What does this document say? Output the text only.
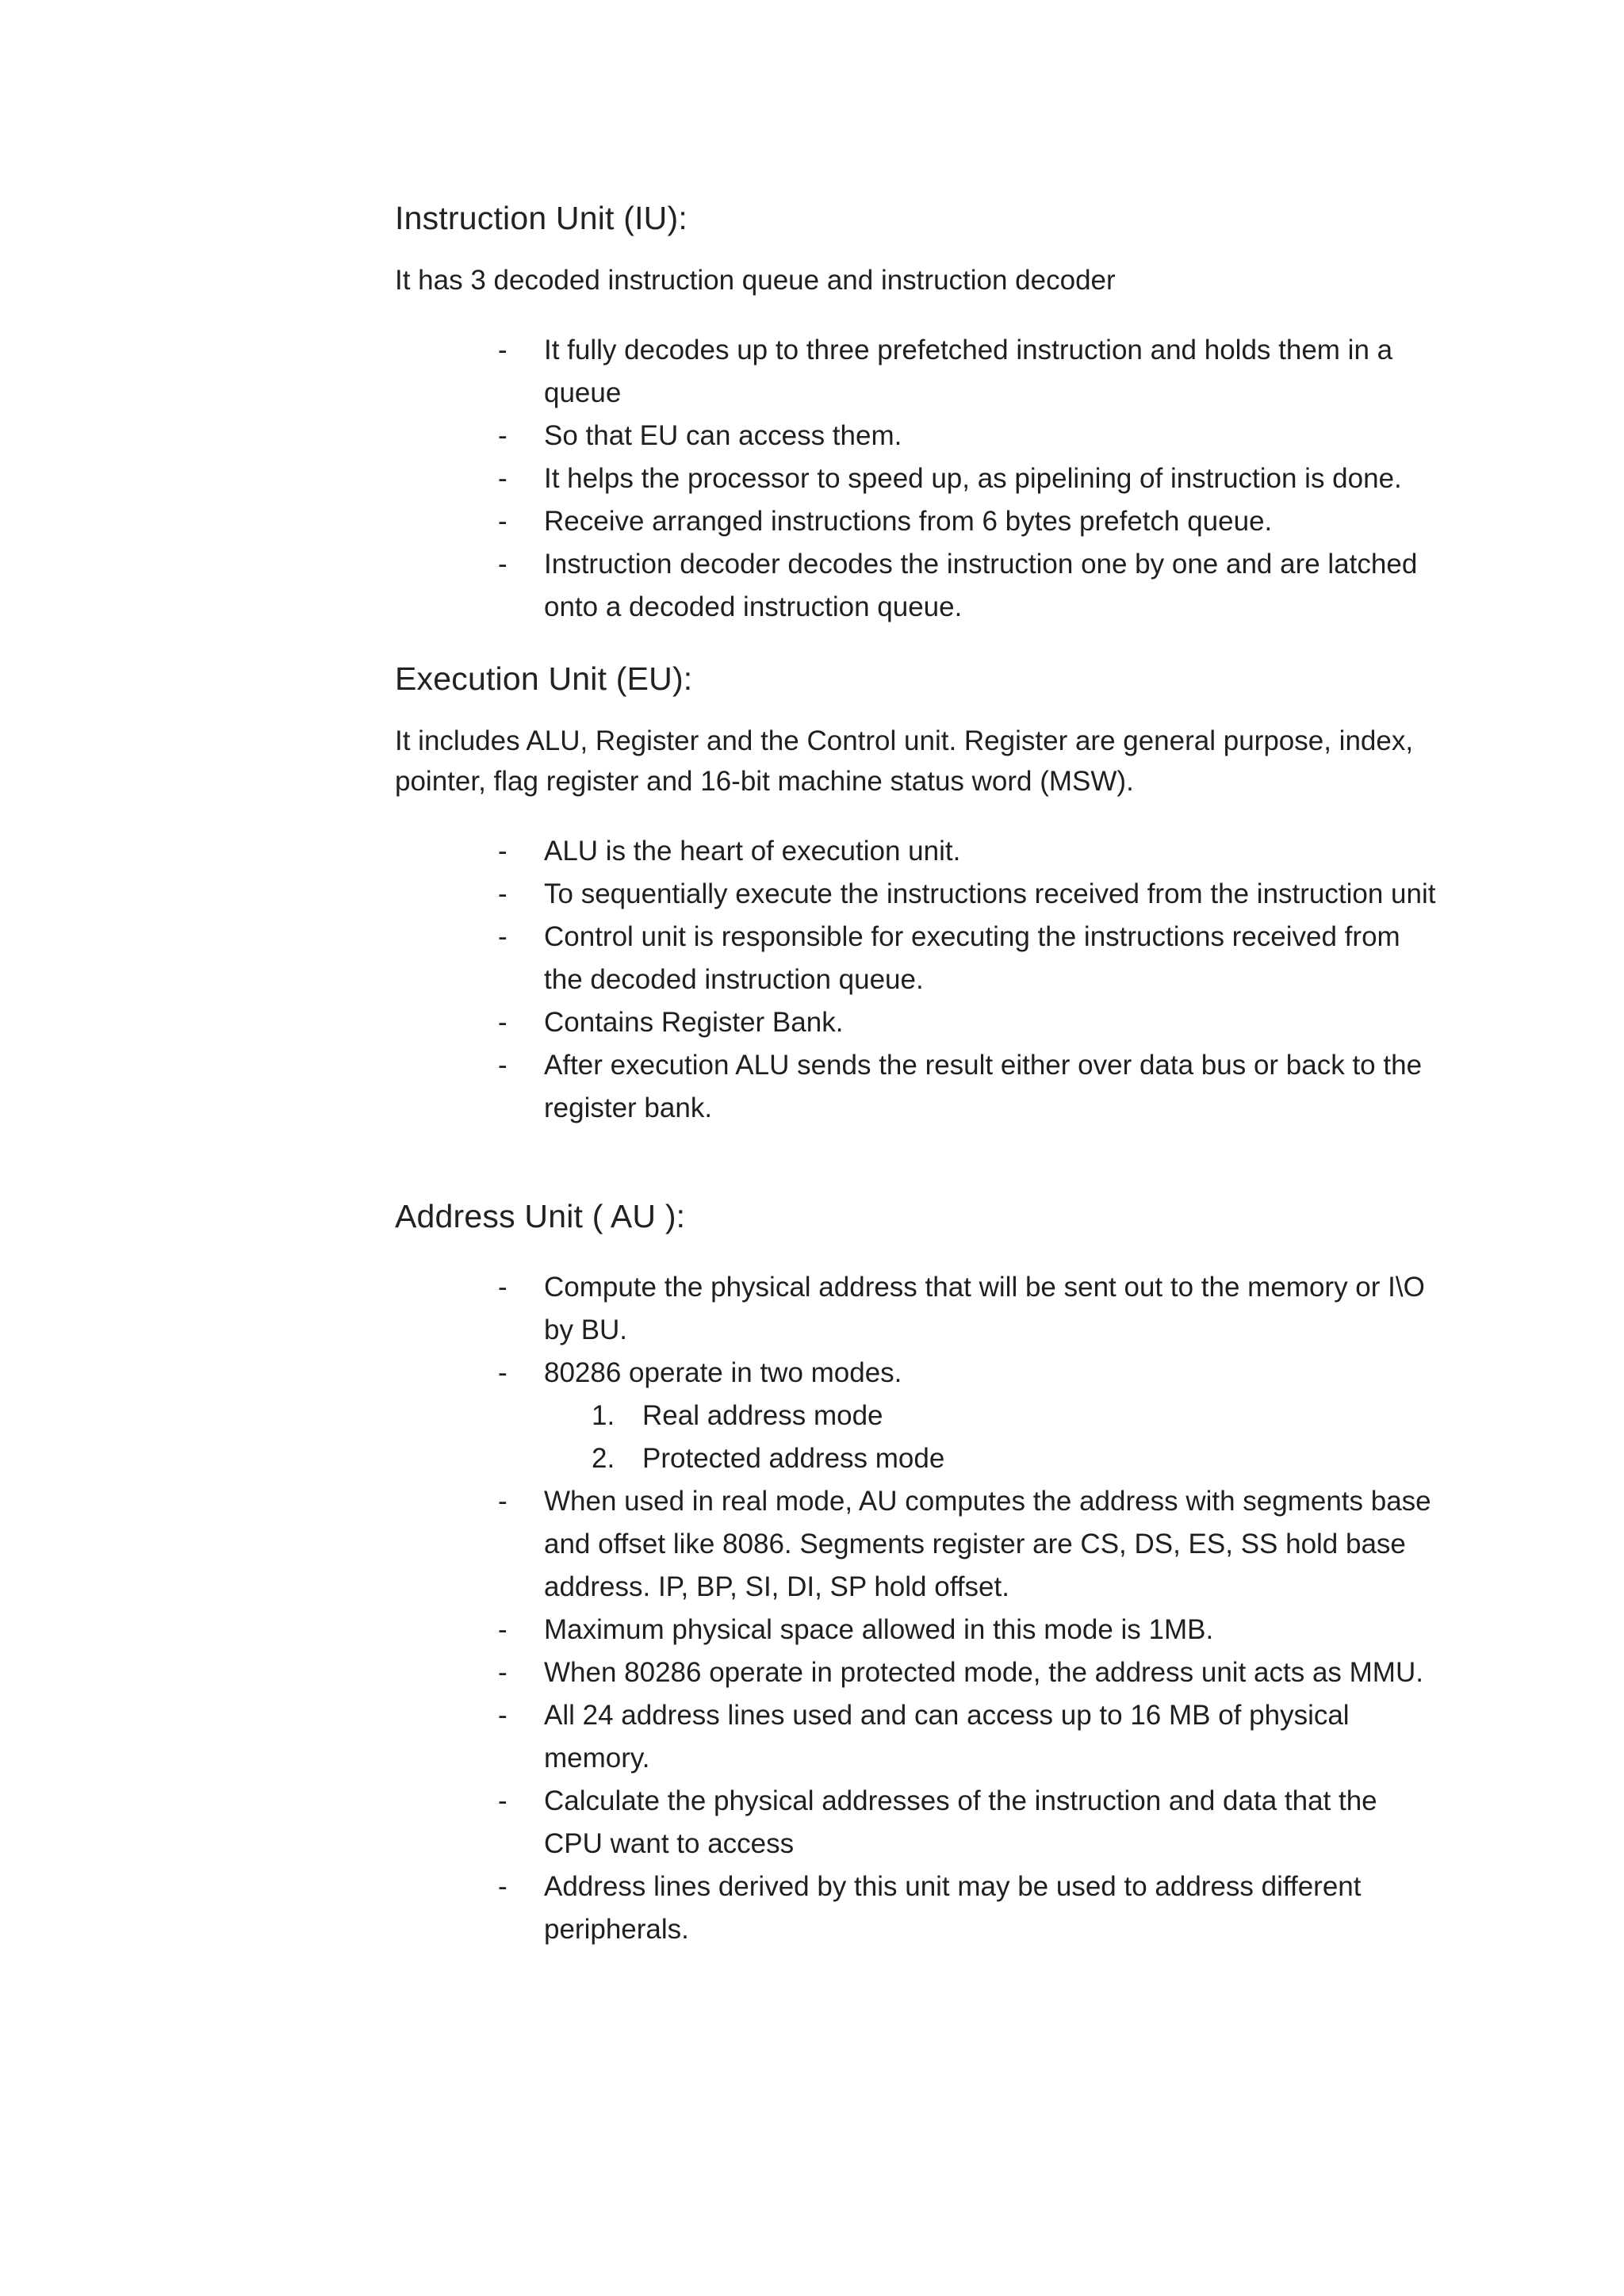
Instruction Unit (IU):

It has 3 decoded instruction queue and instruction decoder

-	It fully decodes up to three prefetched instruction and holds them in a queue
-	So that EU can access them.
-	It helps the processor to speed up, as pipelining of instruction is done.
-	Receive arranged instructions from 6 bytes prefetch queue.
-	Instruction decoder decodes the instruction one by one and are latched onto a decoded instruction queue.
Execution Unit (EU):

It includes ALU, Register and the Control unit. Register are general purpose, index, pointer, flag register and 16-bit machine status word (MSW).

-	ALU is the heart of execution unit.
-	To sequentially execute the instructions received from the instruction unit
-	Control unit is responsible for executing the instructions received from the decoded instruction queue.
-	Contains Register Bank.
-	After execution ALU sends the result either over data bus or back to the register bank.
Address Unit ( AU ):
-	Compute the physical address that will be sent out to the memory or I\O by BU.
-	80286 operate in two modes.
1. Real address mode
2. Protected address mode
-	When used in real mode, AU computes the address with segments base and offset like 8086. Segments register are CS, DS, ES, SS hold base address. IP, BP, SI, DI, SP hold offset.
-	Maximum physical space allowed in this mode is 1MB.
-	When 80286 operate in protected mode, the address unit acts as MMU.
-	All 24 address lines used and can access up to 16 MB of physical memory.
-	Calculate the physical addresses of the instruction and data that the CPU want to access
-	Address lines derived by this unit may be used to address different peripherals.
